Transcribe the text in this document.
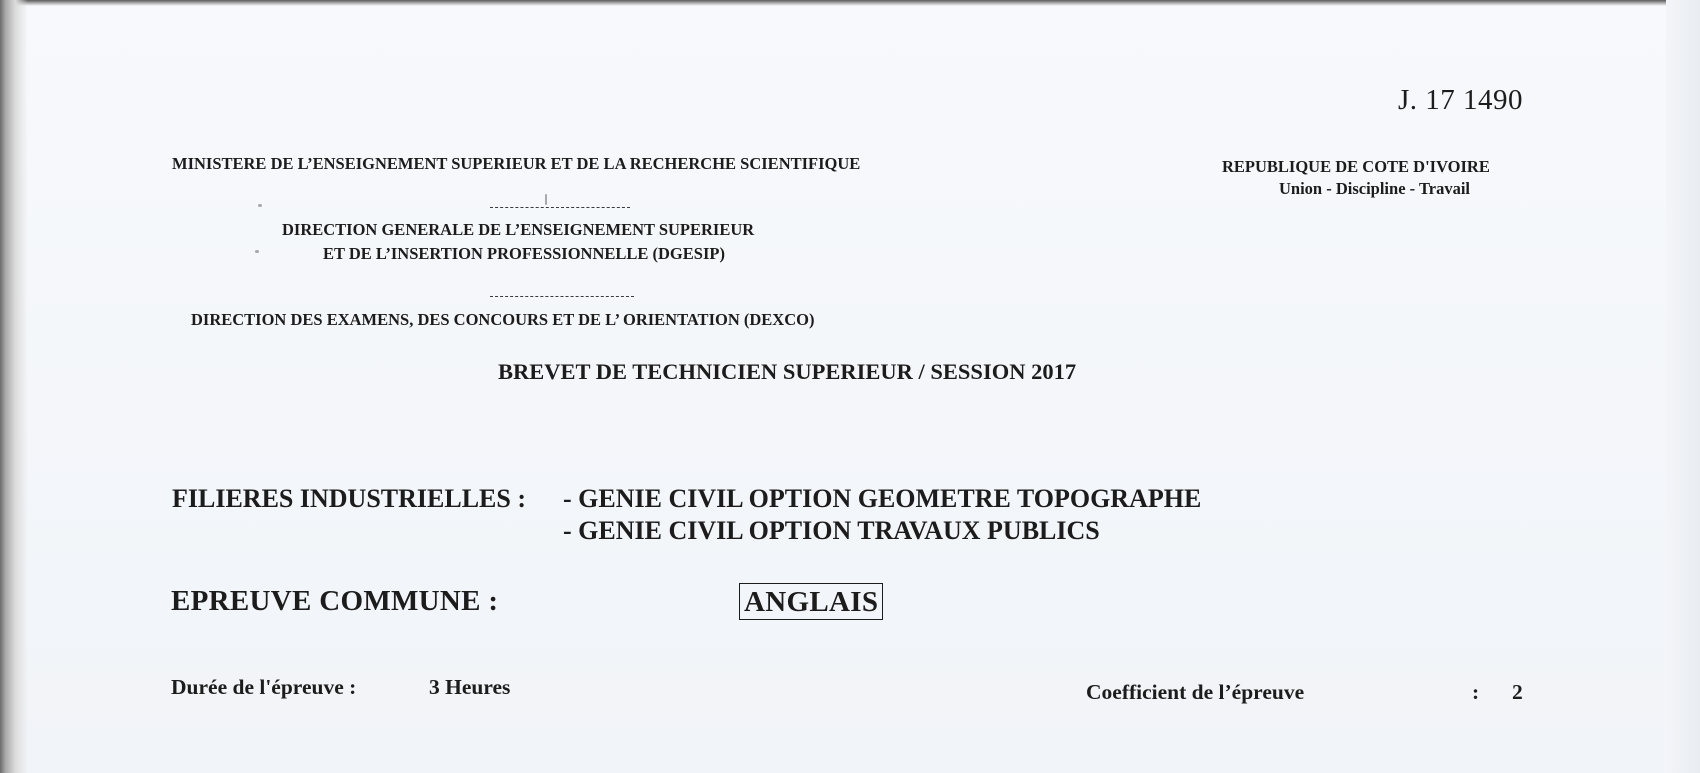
J. 17 1490
MINISTERE DE L’ENSEIGNEMENT SUPERIEUR ET DE LA RECHERCHE SCIENTIFIQUE	REPUBLIQUE DE COTE D'IVOIRE
Union - Discipline - Travail
DIRECTION GENERALE DE L’ENSEIGNEMENT SUPERIEUR
ET DE L’INSERTION PROFESSIONNELLE (DGESIP)
DIRECTION DES EXAMENS, DES CONCOURS ET DE L’ ORIENTATION (DEXCO)
BREVET DE TECHNICIEN SUPERIEUR / SESSION 2017
FILIERES INDUSTRIELLES : - GENIE CIVIL OPTION GEOMETRE TOPOGRAPHE
- GENIE CIVIL OPTION TRAVAUX PUBLICS
EPREUVE COMMUNE :	ANGLAIS
Durée de l'épreuve :	3 Heures	Coefficient de l’épreuve	: 2
